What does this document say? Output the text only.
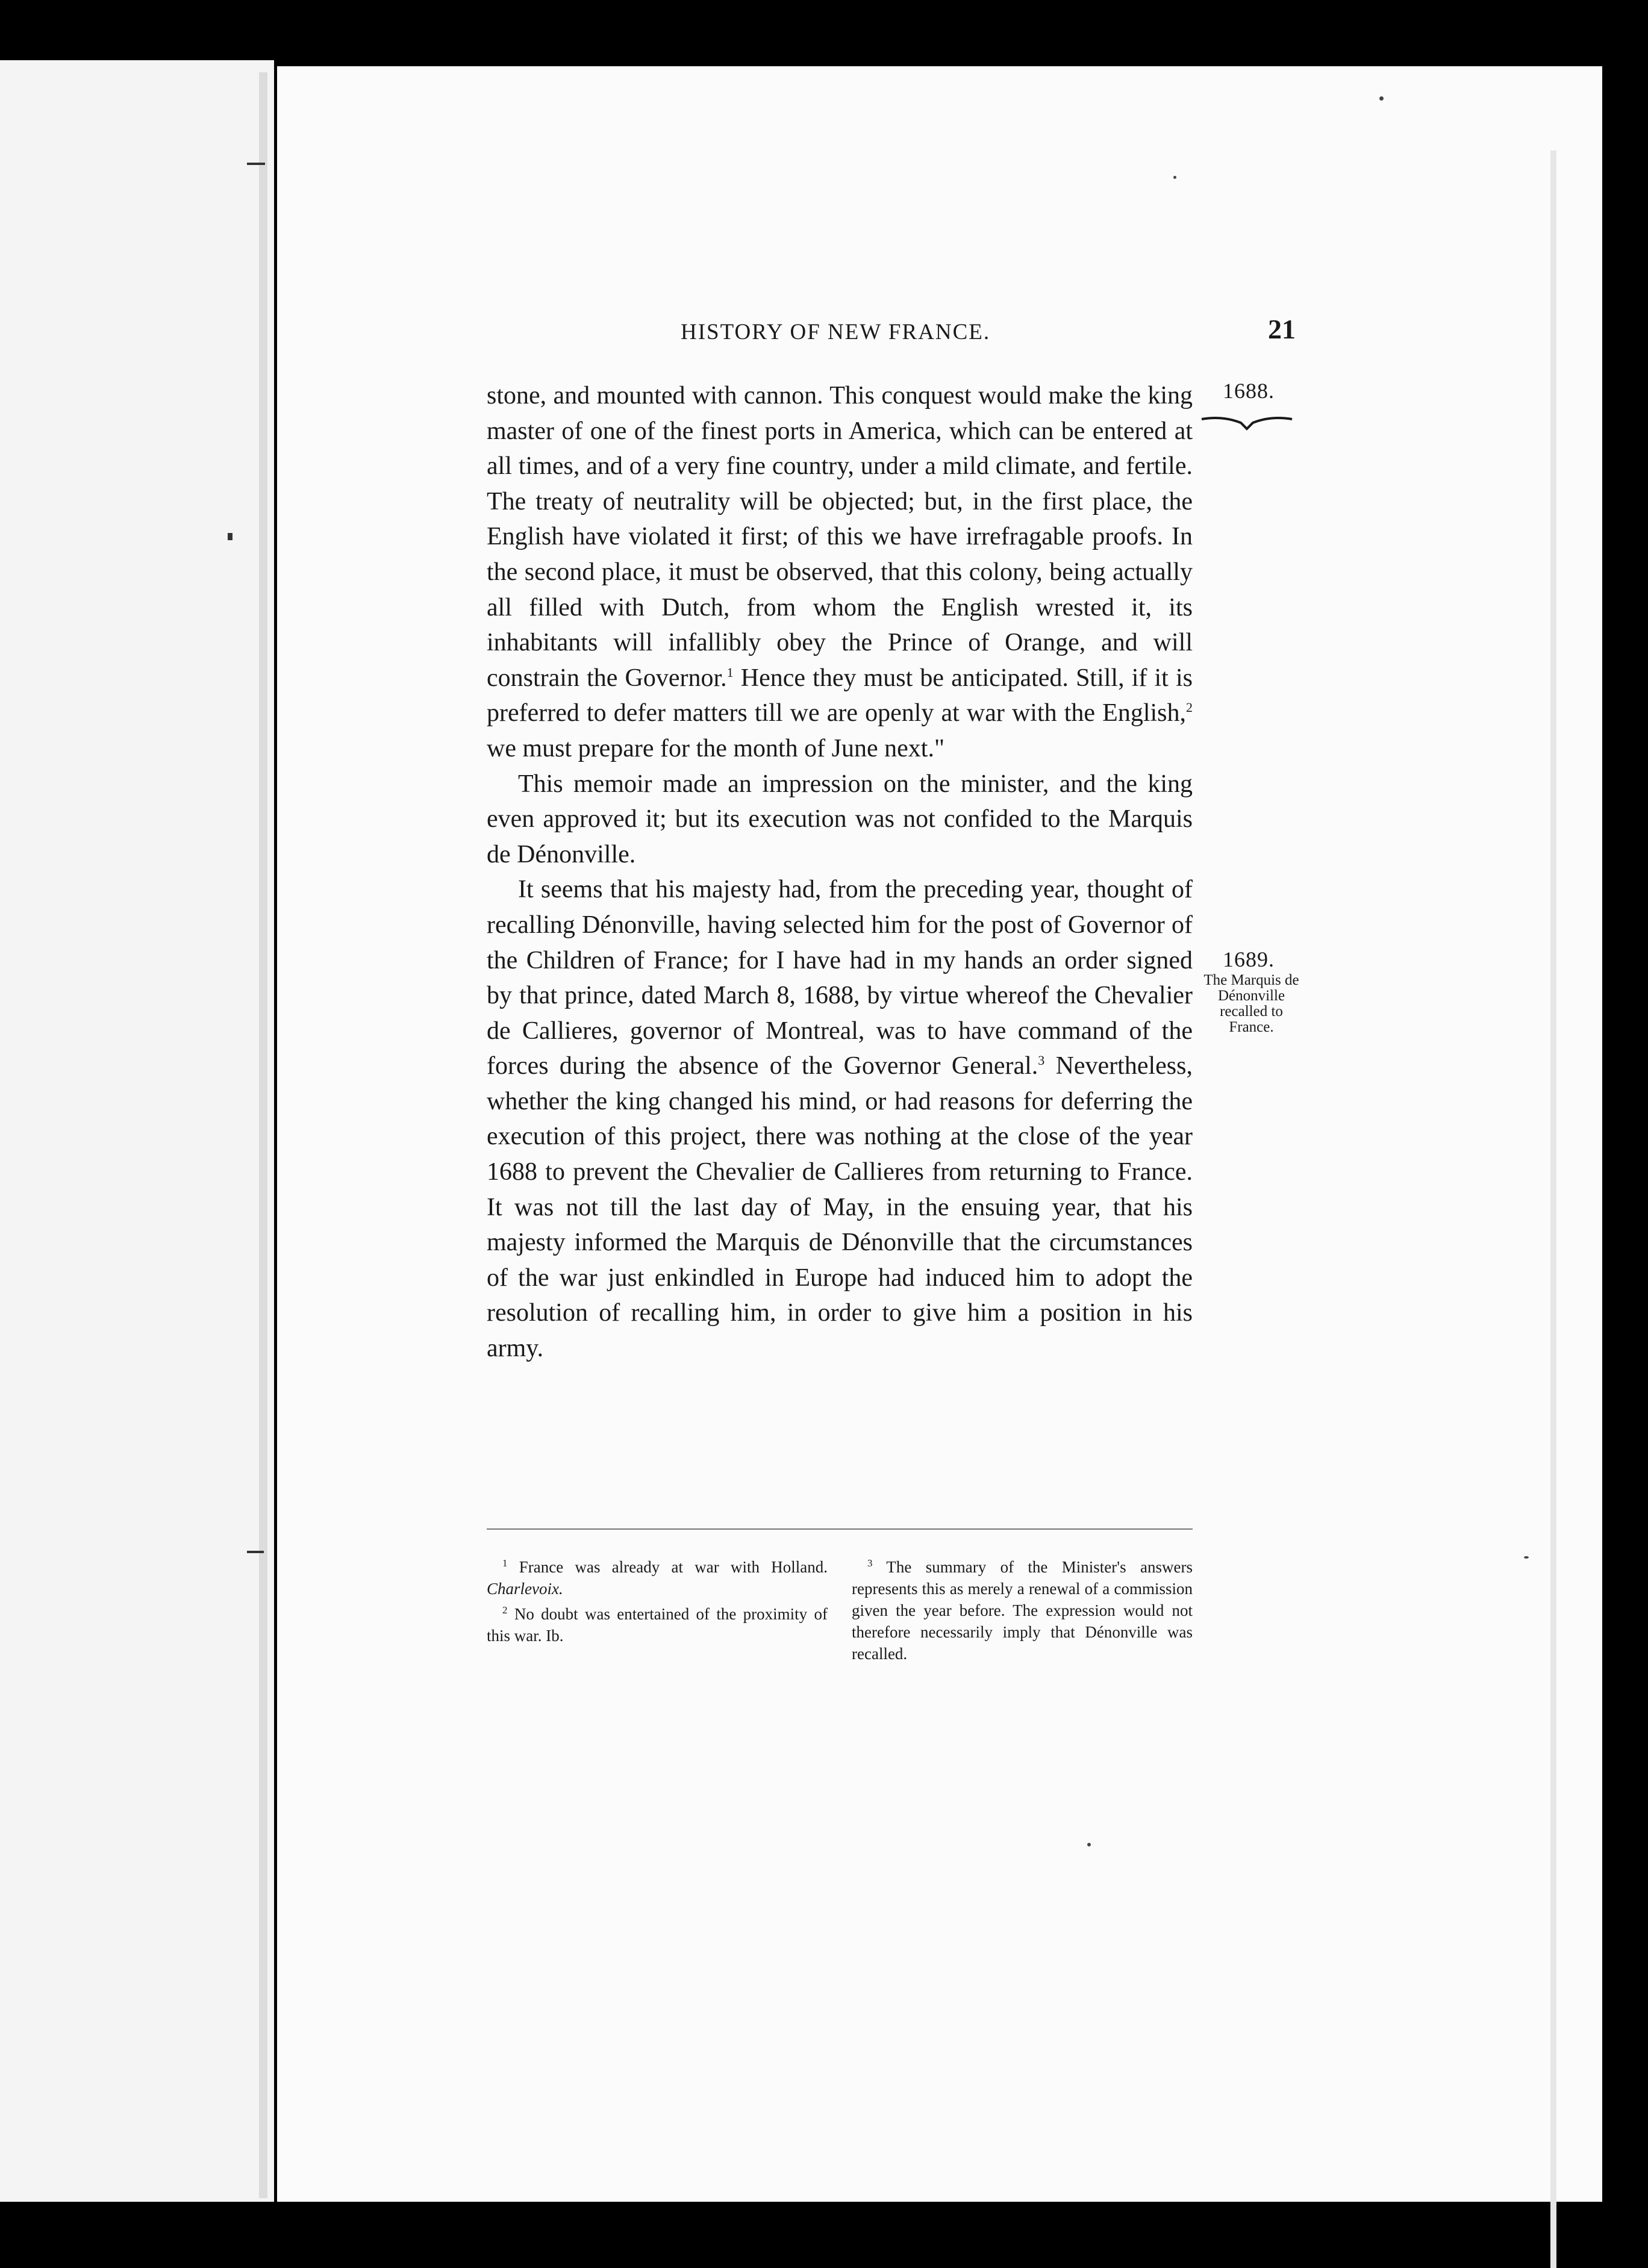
HISTORY OF NEW FRANCE.	21
1688.
1689.
The Marquis de Dénonville recalled to France.

stone, and mounted with cannon. This conquest would make the king master of one of the finest ports in America, which can be entered at all times, and of a very fine country, under a mild climate, and fertile. The treaty of neutrality will be objected; but, in the first place, the English have violated it first; of this we have irrefragable proofs. In the second place, it must be observed, that this colony, being actually all filled with Dutch, from whom the English wrested it, its inhabitants will infallibly obey the Prince of Orange, and will constrain the Governor.$^1$ Hence they must be anticipated. Still, if it is preferred to defer matters till we are openly at war with the English,$^2$ we must prepare for the month of June next."

This memoir made an impression on the minister, and the king even approved it; but its execution was not confided to the Marquis de Dénonville.

It seems that his majesty had, from the preceding year, thought of recalling Dénonville, having selected him for the post of Governor of the Children of France; for I have had in my hands an order signed by that prince, dated March 8, 1688, by virtue whereof the Chevalier de Callieres, governor of Montreal, was to have command of the forces during the absence of the Governor General.$^3$ Nevertheless, whether the king changed his mind, or had reasons for deferring the execution of this project, there was nothing at the close of the year 1688 to prevent the Chevalier de Callieres from returning to France. It was not till the last day of May, in the ensuing year, that his majesty informed the Marquis de Dénonville that the circumstances of the war just enkindled in Europe had induced him to adopt the resolution of recalling him, in order to give him a position in his army.

$^1$ France was already at war with Holland. Charlevoix.

$^2$ No doubt was entertained of the proximity of this war. Ib.

$^3$ The summary of the Minister's answers represents this as merely a renewal of a commission given the year before. The expression would not therefore necessarily imply that Dénonville was recalled.
